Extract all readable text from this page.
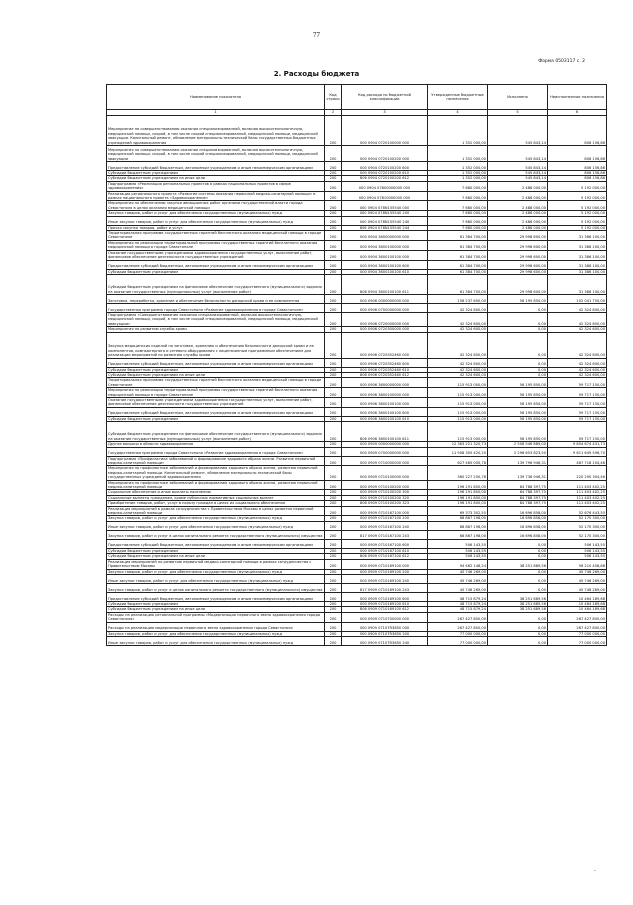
77
Форма 0503117 с. 2
2. Расходы бюджета
Наименование показателя	Код строки	Код расхода по бюджетной классификации	Утвержденные бюджетные назначения	Исполнено	Неисполненные назначения
1	2	3	4	5	6
Мероприятие по совершенствованию оказания специализированной, включая высокотехнологичную, медицинской помощи, скорой, в том числе скорой специализированной, медицинской помощи, медицинской эвакуации. Капитальный ремонт, обновление материально-технической базы государственных бюджетных учреждений здравоохранения	200	000 0904 0720100000 000	1 352 000,00	545 843,14	806 156,86
Мероприятия по совершенствованию оказания специализированной, включая высокотехнологичную, медицинской помощи, скорой, в том числе скорой специализированной, медицинской помощи, медицинской эвакуации	200	000 0904 0720100200 000	1 352 000,00	545 843,14	806 156,86
Предоставление субсидий бюджетным, автономным учреждениям и иным некоммерческим организациям	200	000 0904 0720100200 600	1 352 000,00	545 843,14	806 156,86
Субсидии бюджетным учреждениям	200	000 0904 0720100200 610	1 352 000,00	545 843,14	806 156,86
Субсидии бюджетным учреждениям на иные цели	200	806 0904 0720100200 612	1 352 000,00	545 843,14	806 156,86
Подпрограмма «Реализация региональных проектов в рамках национальных проектов в сфере здравоохранения»	200	000 0904 07800000000 000	7 680 000,00	2 488 000,00	5 192 000,00
Реализация регионального проекта «Развитие системы оказания первичной медико-санитарной помощи» в рамках национального проекта «Здравоохранение»	200	000 0904 07810000000 000	7 680 000,00	2 488 000,00	5 192 000,00
Мероприятия по обеспечению закупки авиационных работ органами государственной власти города Севастополя в целях оказания медицинской помощи	200	000 0904 078N155540 000	7 680 000,00	2 488 000,00	5 192 000,00
Закупка товаров, работ и услуг для обеспечения государственных (муниципальных) нужд	200	000 0904 078N155540 200	7 680 000,00	2 488 000,00	5 192 000,00
Иные закупки товаров, работ и услуг для обеспечения государственных (муниципальных) нужд	200	000 0904 078N155540 240	7 680 000,00	2 488 000,00	5 192 000,00
Прочая закупка товаров, работ и услуг	200	806 0904 078N155540 244	7 680 000,00	2 488 000,00	5 192 000,00
Территориальная программа государственных гарантий бесплатного оказания медицинской помощи в городе Севастополе	200	000 0904 3600000000 000	61 384 700,00	29 998 600,00	31 386 100,00
Мероприятия по реализации территориальной программы государственных гарантий бесплатного оказания медицинской помощи в городе Севастополе	200	000 0904 3600100000 000	61 384 700,00	29 998 600,00	31 386 100,00
Оказание государственными учреждениями здравоохранения государственных услуг, выполнение работ, финансовое обеспечение деятельности государственных учреждений	200	000 0904 3600100100 000	61 384 700,00	29 998 600,00	31 386 100,00
Предоставление субсидий бюджетным, автономным учреждениям и иным некоммерческим организациям	200	000 0904 3600100100 600	61 384 700,00	29 998 600,00	31 386 100,00
Субсидии бюджетным учреждениям	200	000 0904 3600100100 610	61 384 700,00	29 998 600,00	31 386 100,00
Субсидии бюджетным учреждениям на финансовое обеспечение государственного (муниципального) задания на оказание государственных (муниципальных) услуг (выполнение работ)	200	806 0904 3600100100 611	61 384 700,00	29 998 600,00	31 386 100,00
Заготовка, переработка, хранение и обеспечение безопасности донорской крови и ее компонентов	200	000 0906 0000000000 000	158 237 600,00	56 195 850,00	102 041 750,00
Государственная программа города Севастополя «Развитие здравоохранения в городе Севастополе»	200	000 0906 0700000000 000	42 324 600,00	0,00	42 324 600,00
Подпрограмма «Совершенствование оказания специализированной, включая высокотехнологичную, медицинской помощи, скорой, в том числе скорой специализированной, медицинской помощи, медицинской эвакуации»	200	000 0906 0720000000 000	42 324 600,00	0,00	42 324 600,00
Мероприятия по развитию службы крови	200	000 0906 0720300000 000	42 324 600,00	0,00	42 324 600,00
Закупка медицинских изделий по заготовке, хранению и обеспечению безопасности донорской крови и ее компонентов, компьютерного и сетевого оборудования с лицензионным программным обеспечением для реализации мероприятий по развитию службы крови	200	000 0906 0720352460 000	42 324 600,00	0,00	42 324 600,00
Предоставление субсидий бюджетным, автономным учреждениям и иным некоммерческим организациям	200	000 0906 0720352460 600	42 324 600,00	0,00	42 324 600,00
Субсидии бюджетным учреждениям	200	000 0906 0720352460 610	42 324 600,00	0,00	42 324 600,00
Субсидии бюджетным учреждениям на иные цели	200	806 0906 0720352460 612	42 324 600,00	0,00	42 324 600,00
Территориальная программа государственных гарантий бесплатного оказания медицинской помощи в городе Севастополе	200	000 0906 3600000000 000	115 913 000,00	56 195 850,00	59 717 150,00
Мероприятия по реализации территориальной программы государственных гарантий бесплатного оказания медицинской помощи в городе Севастополе	200	000 0906 3600100000 000	115 913 000,00	56 195 850,00	59 717 150,00
Оказание государственными учреждениями здравоохранения государственных услуг, выполнение работ, финансовое обеспечение деятельности государственных учреждений	200	000 0906 3600100100 000	115 913 000,00	56 195 850,00	59 717 150,00
Предоставление субсидий бюджетным, автономным учреждениям и иным некоммерческим организациям	200	000 0906 3600100100 600	115 913 000,00	56 195 850,00	59 717 150,00
Субсидии бюджетным учреждениям	200	000 0906 3600100100 610	115 913 000,00	56 195 850,00	59 717 150,00
Субсидии бюджетным учреждениям на финансовое обеспечение государственного (муниципального) задания на оказание государственных (муниципальных) услуг (выполнение работ)	200	806 0906 3600100100 611	115 913 000,00	56 195 850,00	59 717 150,00
Другие вопросы в области здравоохранения	200	000 0909 0000000000 000	12 363 221 320,73	2 508 546 889,00	9 854 674 431,73
Государственная программа города Севастополя «Развитие здравоохранения в городе Севастополе»	200	000 0909 0700000000 000	11 908 305 420,20	2 296 653 823,50	9 611 649 596,70
Подпрограмма «Профилактика заболеваний и формирование здорового образа жизни. Развитие первичной медико-санитарной помощи»	200	000 0909 0710000000 000	627 465 050,78	139 796 946,31	487 718 104,46
Мероприятия по профилактике заболеваний и формированию здорового образа жизни, развитию первичной медико-санитарной помощи. Капитальный ремонт, обновление материально-технической базы государственных учреждений здравоохранения	200	000 0909 0710100000 000	360 227 250,78	139 736 946,31	220 290 304,46
Мероприятия по профилактике заболеваний и формированию здорового образа жизни, развитию первичной медико-санитарной помощи	200	000 0909 0710100200 000	196 191 800,00	84 788 397,75	111 403 402,25
Социальное обеспечение и иные выплаты населению	200	000 0909 0710100200 300	196 191 800,00	84 788 397,75	111 403 402,25
Социальные выплаты гражданам, кроме публичных нормативных социальных выплат	200	000 0909 0710100200 320	196 191 800,00	84 788 397,75	111 403 402,25
Приобретение товаров, работ, услуг в пользу граждан в целях их социального обеспечения	200	806 0909 0710100200 323	196 191 800,00	84 788 397,75	111 403 402,25
Реализация мероприятий в рамках сотрудничества с Правительством Москвы в целях развития первичной медико-санитарной помощи	200	000 0909 0710167100 000	69 373 302,55	16 696 858,00	52 676 443,55
Закупка товаров, работ и услуг для обеспечения государственных (муниципальных) нужд	200	000 0909 0710167100 200	68 867 198,00	16 696 858,00	52 170 300,00
Иные закупки товаров, работ и услуг для обеспечения государственных (муниципальных) нужд	200	000 0909 0710167100 240	68 867 198,00	16 696 858,00	52 170 300,00
Закупка товаров, работ и услуг в целях капитального ремонта государственного (муниципального) имущества	200	817 0909 0710167100 243	68 867 198,00	16 696 858,00	52 170 300,00
Предоставление субсидий бюджетным, автономным учреждениям и иным некоммерческим организациям	200	000 0909 0710167100 600	506 143,55	0,00	506 143,55
Субсидии бюджетным учреждениям	200	000 0909 0710167100 610	506 143,55	0,00	506 143,55
Субсидии бюджетным учреждениям на иные цели	200	806 0909 0710167100 612	506 143,55	0,00	506 143,55
Реализация мероприятий по развитию первичной медико-санитарной помощи в рамках сотрудничества с Правительством Москвы	200	000 0909 0710169100 000	94 462 148,24	38 251 689,56	56 210 458,68
Закупка товаров, работ и услуг для обеспечения государственных (муниципальных) нужд	200	000 0909 0710169100 200	45 746 269,00	0,00	45 746 269,00
Иные закупки товаров, работ и услуг для обеспечения государственных (муниципальных) нужд	200	000 0909 0710169100 240	45 746 269,00	0,00	45 746 269,00
Закупка товаров, работ и услуг в целях капитального ремонта государственного (муниципального) имущества	200	817 0909 0710169100 243	45 746 269,00	0,00	45 746 269,00
Предоставление субсидий бюджетным, автономным учреждениям и иным некоммерческим организациям	200	000 0909 0710169100 600	48 715 879,24	38 251 689,56	10 464 189,68
Субсидии бюджетным учреждениям	200	000 0909 0710169100 610	48 715 879,24	38 251 689,56	10 464 189,68
Субсидии бюджетным учреждениям на иные цели	200	806 0909 0710169100 612	48 715 879,24	38 251 689,56	10 464 189,68
Расходы на реализацию региональной программы «Модернизация первичного звена здравоохранения города Севастополя»	200	000 0909 0710700000 000	267 427 800,00	0,00	267 427 800,00
Расходы на реализацию модернизации первичного звена здравоохранения города Севастополя	200	000 0909 07107R3650 000	267 427 800,00	0,00	267 427 800,00
Закупка товаров, работ и услуг для обеспечения государственных (муниципальных) нужд	200	000 0909 07107R3650 200	77 000 000,00	0,00	77 000 000,00
Иные закупки товаров, работ и услуг для обеспечения государственных (муниципальных) нужд	200	000 0909 07107R3650 240	77 000 000,00	0,00	77 000 000,00
·
